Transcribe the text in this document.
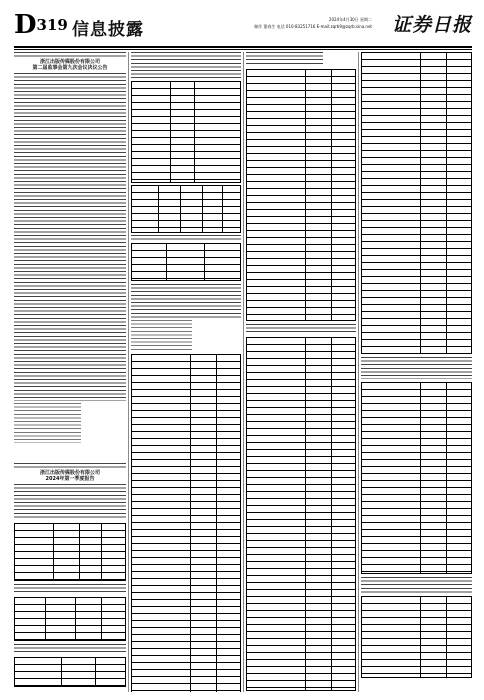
D319 信息披露
2024年4月30日 星期二
制作 董春生 电话 010-83251716 E-mail:zqrb9@zqrb.sina.net 证券日报
浙江出版传媒股份有限公司
第二届监事会第九次会议决议公告
浙江出版传媒股份有限公司
2024年第一季度报告
